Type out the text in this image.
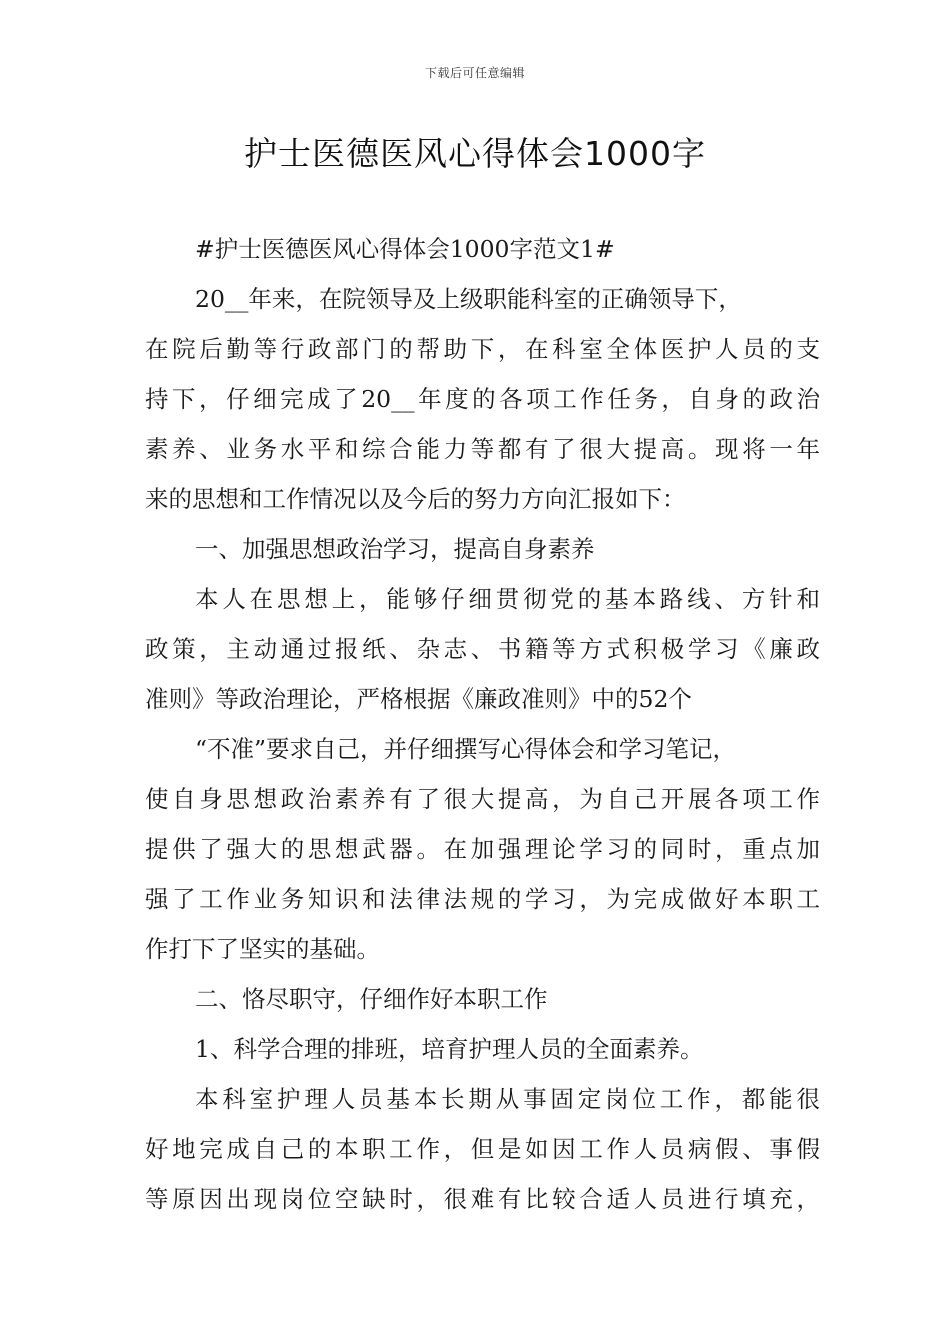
下载后可任意编辑
护士医德医风心得体会1000字
#护士医德医风心得体会1000字范文1#
20__年来，在院领导及上级职能科室的正确领导下，
在院后勤等行政部门的帮助下，在科室全体医护人员的支
持下，仔细完成了20__年度的各项工作任务，自身的政治
素养、业务水平和综合能力等都有了很大提高。现将一年
来的思想和工作情况以及今后的努力方向汇报如下：
一、加强思想政治学习，提高自身素养
本人在思想上，能够仔细贯彻党的基本路线、方针和
政策，主动通过报纸、杂志、书籍等方式积极学习《廉政
准则》等政治理论，严格根据《廉政准则》中的52个
“不准”要求自己，并仔细撰写心得体会和学习笔记，
使自身思想政治素养有了很大提高，为自己开展各项工作
提供了强大的思想武器。在加强理论学习的同时，重点加
强了工作业务知识和法律法规的学习，为完成做好本职工
作打下了坚实的基础。
二、恪尽职守，仔细作好本职工作
1、科学合理的排班，培育护理人员的全面素养。
本科室护理人员基本长期从事固定岗位工作，都能很
好地完成自己的本职工作，但是如因工作人员病假、事假
等原因出现岗位空缺时，很难有比较合适人员进行填充，
